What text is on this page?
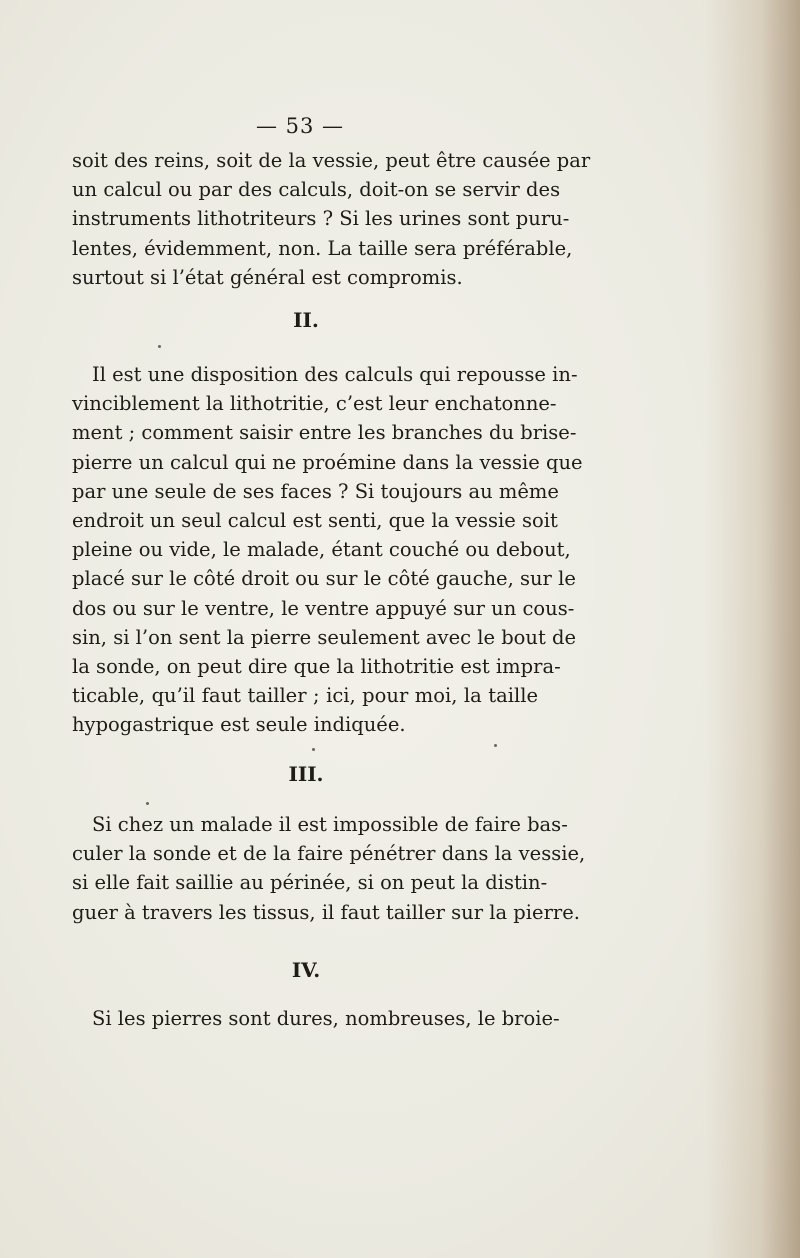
— 53 —
soit des reins, soit de la vessie, peut être causée par
un calcul ou par des calculs, doit-on se servir des
instruments lithotriteurs ? Si les urines sont puru-
lentes, évidemment, non. La taille sera préférable,
surtout si l’état général est compromis.
II.
Il est une disposition des calculs qui repousse in-
vinciblement la lithotritie, c’est leur enchatonne-
ment ; comment saisir entre les branches du brise-
pierre un calcul qui ne proémine dans la vessie que
par une seule de ses faces ? Si toujours au même
endroit un seul calcul est senti, que la vessie soit
pleine ou vide, le malade, étant couché ou debout,
placé sur le côté droit ou sur le côté gauche, sur le
dos ou sur le ventre, le ventre appuyé sur un cous-
sin, si l’on sent la pierre seulement avec le bout de
la sonde, on peut dire que la lithotritie est impra-
ticable, qu’il faut tailler ; ici, pour moi, la taille
hypogastrique est seule indiquée.
III.
Si chez un malade il est impossible de faire bas-
culer la sonde et de la faire pénétrer dans la vessie,
si elle fait saillie au périnée, si on peut la distin-
guer à travers les tissus, il faut tailler sur la pierre.
IV.
Si les pierres sont dures, nombreuses, le broie-
